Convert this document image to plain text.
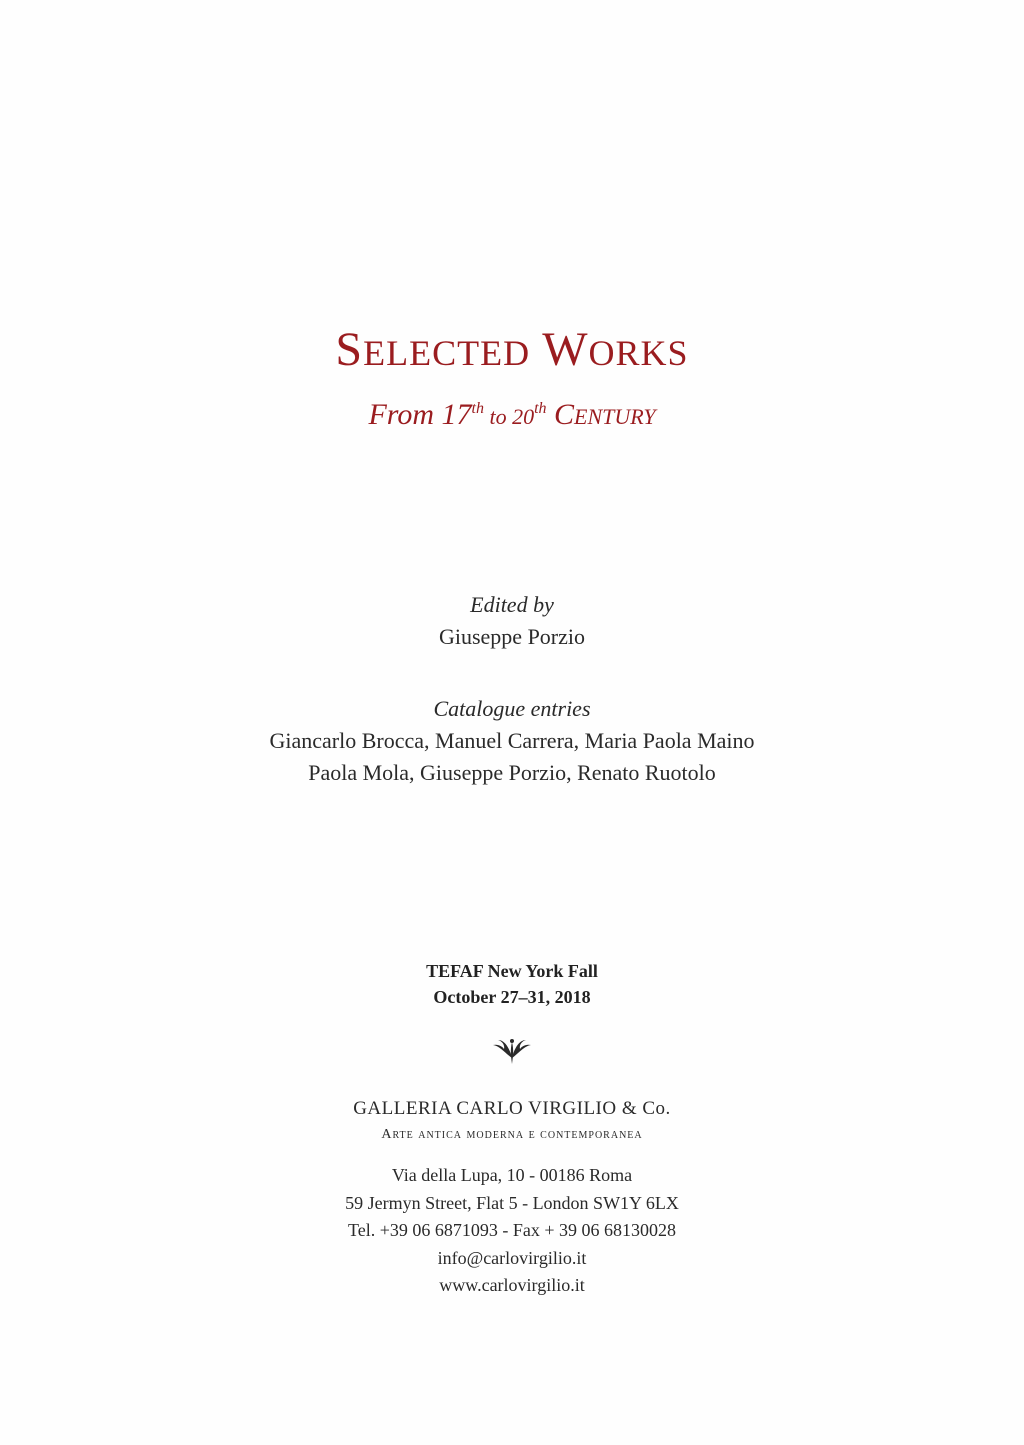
SELECTED WORKS
From 17th to 20th CENTURY
Edited by
Giuseppe Porzio
Catalogue entries
Giancarlo Brocca, Manuel Carrera, Maria Paola Maino
Paola Mola, Giuseppe Porzio, Renato Ruotolo
TEFAF New York Fall
October 27–31, 2018
GALLERIA CARLO VIRGILIO & Co.
Arte antica moderna e contemporanea
Via della Lupa, 10 - 00186 Roma
59 Jermyn Street, Flat 5 - London SW1Y 6LX
Tel. +39 06 6871093 - Fax + 39 06 68130028
info@carlovirgilio.it
www.carlovirgilio.it
